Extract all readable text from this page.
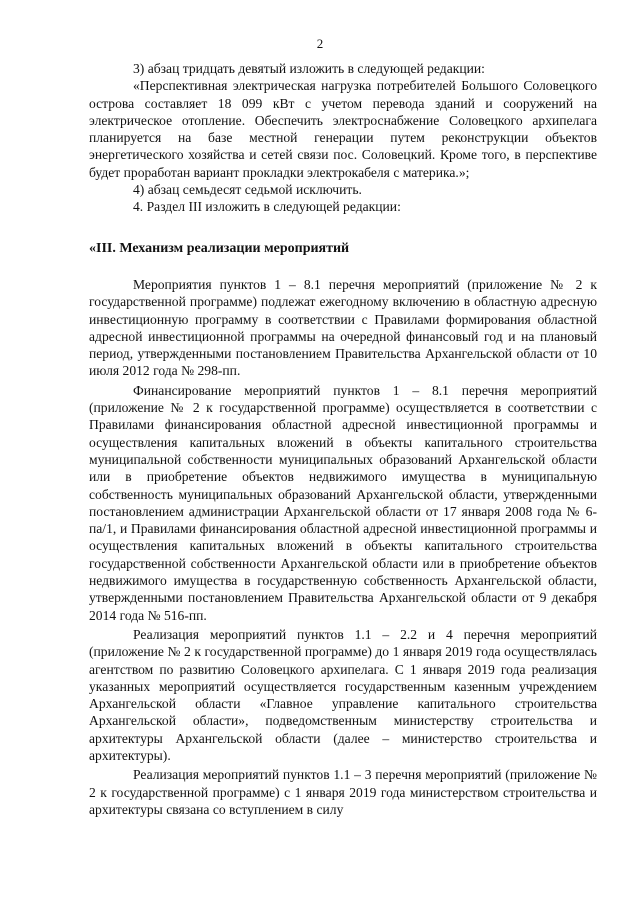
2

3) абзац тридцать девятый изложить в следующей редакции:

«Перспективная электрическая нагрузка потребителей Большого Соловецкого острова составляет 18 099 кВт с учетом перевода зданий и сооружений на электрическое отопление. Обеспечить электроснабжение Соловецкого архипелага планируется на базе местной генерации путем реконструкции объектов энергетического хозяйства и сетей связи пос. Соловецкий. Кроме того, в перспективе будет проработан вариант прокладки электрокабеля с материка.»;

4) абзац семьдесят седьмой исключить.

4. Раздел III изложить в следующей редакции:

«III. Механизм реализации мероприятий

Мероприятия пунктов 1 – 8.1 перечня мероприятий (приложение № 2 к государственной программе) подлежат ежегодному включению в областную адресную инвестиционную программу в соответствии с Правилами формирования областной адресной инвестиционной программы на очередной финансовый год и на плановый период, утвержденными постановлением Правительства Архангельской области от 10 июля 2012 года № 298-пп.

Финансирование мероприятий пунктов 1 – 8.1 перечня мероприятий (приложение № 2 к государственной программе) осуществляется в соответствии с Правилами финансирования областной адресной инвестиционной программы и осуществления капитальных вложений в объекты капитального строительства муниципальной собственности муниципальных образований Архангельской области или в приобретение объектов недвижимого имущества в муниципальную собственность муниципальных образований Архангельской области, утвержденными постановлением администрации Архангельской области от 17 января 2008 года № 6-па/1, и Правилами финансирования областной адресной инвестиционной программы и осуществления капитальных вложений в объекты капитального строительства государственной собственности Архангельской области или в приобретение объектов недвижимого имущества в государственную собственность Архангельской области, утвержденными постановлением Правительства Архангельской области от 9 декабря 2014 года № 516-пп.

Реализация мероприятий пунктов 1.1 – 2.2 и 4 перечня мероприятий (приложение № 2 к государственной программе) до 1 января 2019 года осуществлялась агентством по развитию Соловецкого архипелага. С 1 января 2019 года реализация указанных мероприятий осуществляется государственным казенным учреждением Архангельской области «Главное управление капитального строительства Архангельской области», подведомственным министерству строительства и архитектуры Архангельской области (далее – министерство строительства и архитектуры).

Реализация мероприятий пунктов 1.1 – 3 перечня мероприятий (приложение № 2 к государственной программе) с 1 января 2019 года министерством строительства и архитектуры связана со вступлением в силу
